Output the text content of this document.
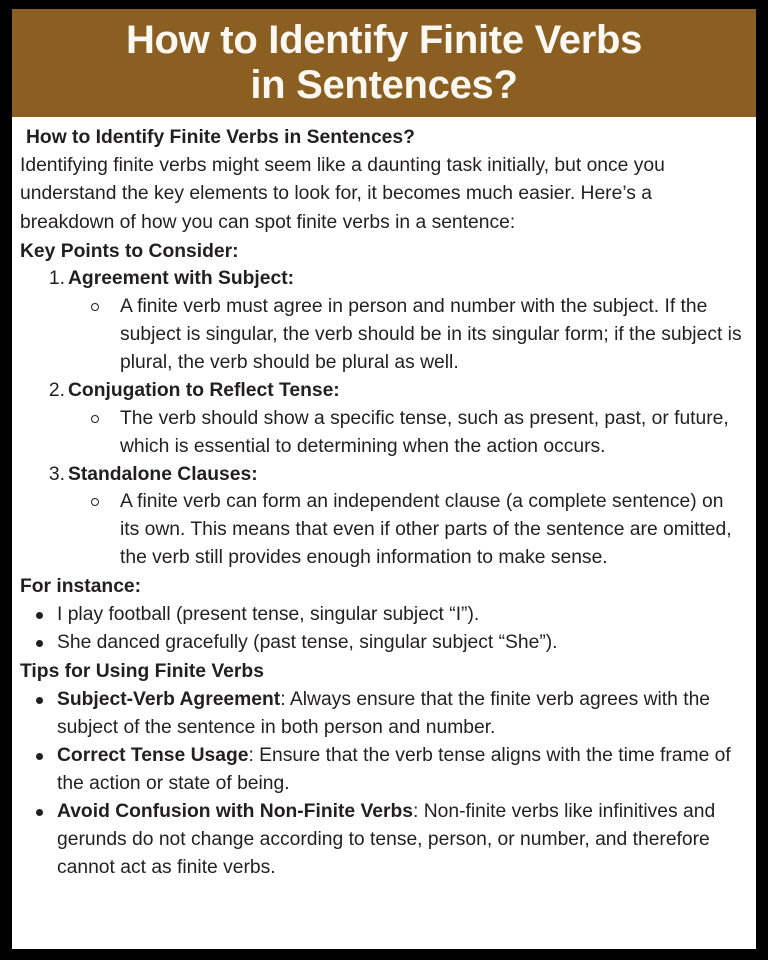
How to Identify Finite Verbs
in Sentences?
How to Identify Finite Verbs in Sentences?

Identifying finite verbs might seem like a daunting task initially, but once you understand the key elements to look for, it becomes much easier. Here’s a breakdown of how you can spot finite verbs in a sentence:

Key Points to Consider:
1. Agreement with Subject:
A finite verb must agree in person and number with the subject. If the subject is singular, the verb should be in its singular form; if the subject is plural, the verb should be plural as well.
2. Conjugation to Reflect Tense:
The verb should show a specific tense, such as present, past, or future, which is essential to determining when the action occurs.
3. Standalone Clauses:
A finite verb can form an independent clause (a complete sentence) on its own. This means that even if other parts of the sentence are omitted, the verb still provides enough information to make sense.
For instance:
I play football (present tense, singular subject “I”).
She danced gracefully (past tense, singular subject “She”).
Tips for Using Finite Verbs
Subject-Verb Agreement: Always ensure that the finite verb agrees with the subject of the sentence in both person and number.
Correct Tense Usage: Ensure that the verb tense aligns with the time frame of the action or state of being.
Avoid Confusion with Non-Finite Verbs: Non-finite verbs like infinitives and gerunds do not change according to tense, person, or number, and therefore cannot act as finite verbs.
